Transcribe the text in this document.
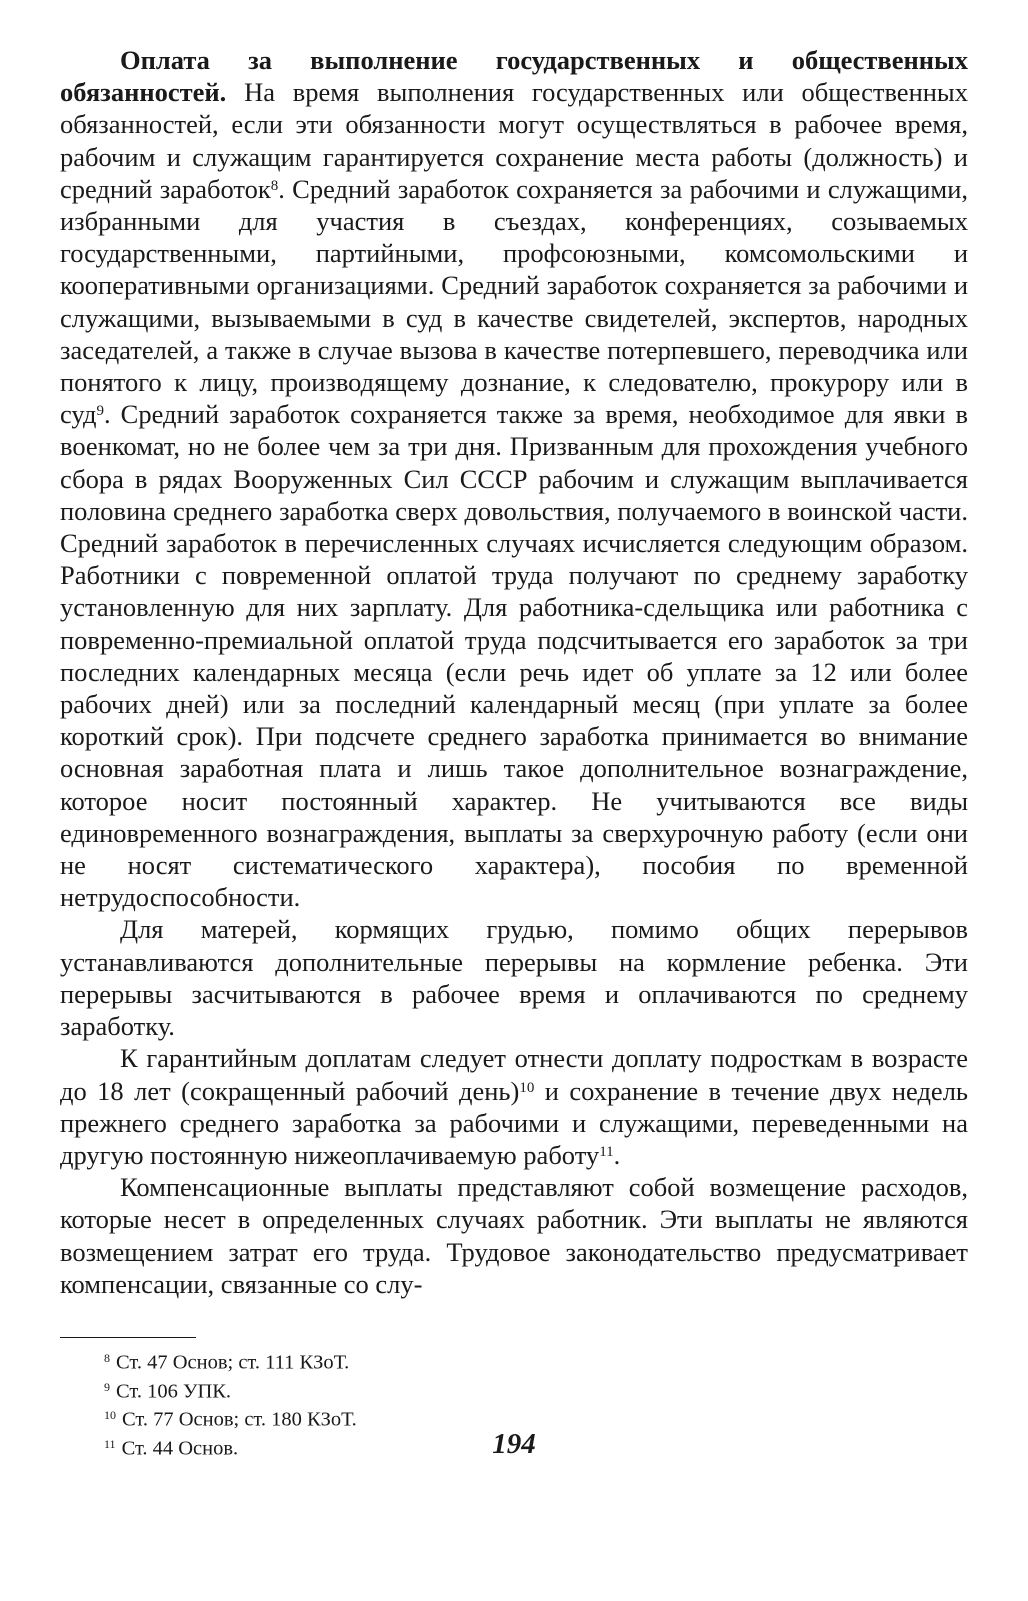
Оплата за выполнение государственных и общественных обязанностей. На время выполнения государственных или общественных обязанностей, если эти обязанности могут осуществляться в рабочее время, рабочим и служащим гарантируется сохранение места работы (должность) и средний заработок$^8$. Средний заработок сохраняется за рабочими и служащими, избранными для участия в съездах, конференциях, созываемых государственными, партийными, профсоюзными, комсомольскими и кооперативными организациями. Средний заработок сохраняется за рабочими и служащими, вызываемыми в суд в качестве свидетелей, экспертов, народных заседателей, а также в случае вызова в качестве потерпевшего, переводчика или понятого к лицу, производящему дознание, к следователю, прокурору или в суд$^9$. Средний заработок сохраняется также за время, необходимое для явки в военкомат, но не более чем за три дня. Призванным для прохождения учебного сбора в рядах Вооруженных Сил СССР рабочим и служащим выплачивается половина среднего заработка сверх довольствия, получаемого в воинской части. Средний заработок в перечисленных случаях исчисляется следующим образом. Работники с повременной оплатой труда получают по среднему заработку установленную для них зарплату. Для работника-сдельщика или работника с повременно-премиальной оплатой труда подсчитывается его заработок за три последних календарных месяца (если речь идет об уплате за 12 или более рабочих дней) или за последний календарный месяц (при уплате за более короткий срок). При подсчете среднего заработка принимается во внимание основная заработная плата и лишь такое дополнительное вознаграждение, которое носит постоянный характер. Не учитываются все виды единовременного вознаграждения, выплаты за сверхурочную работу (если они не носят систематического характера), пособия по временной нетрудоспособности.

Для матерей, кормящих грудью, помимо общих перерывов устанавливаются дополнительные перерывы на кормление ребенка. Эти перерывы засчитываются в рабочее время и оплачиваются по среднему заработку.

К гарантийным доплатам следует отнести доплату подросткам в возрасте до 18 лет (сокращенный рабочий день)$^{10}$ и сохранение в течение двух недель прежнего среднего заработка за рабочими и служащими, переведенными на другую постоянную нижеоплачиваемую работу$^{11}$.

Компенсационные выплаты представляют собой возмещение расходов, которые несет в определенных случаях работник. Эти выплаты не являются возмещением затрат его труда. Трудовое законодательство предусматривает компенсации, связанные со слу-

$^8$ Ст. 47 Основ; ст. 111 КЗоТ.

$^9$ Ст. 106 УПК.

$^{10}$ Ст. 77 Основ; ст. 180 КЗоТ.

$^{11}$ Ст. 44 Основ.	194
